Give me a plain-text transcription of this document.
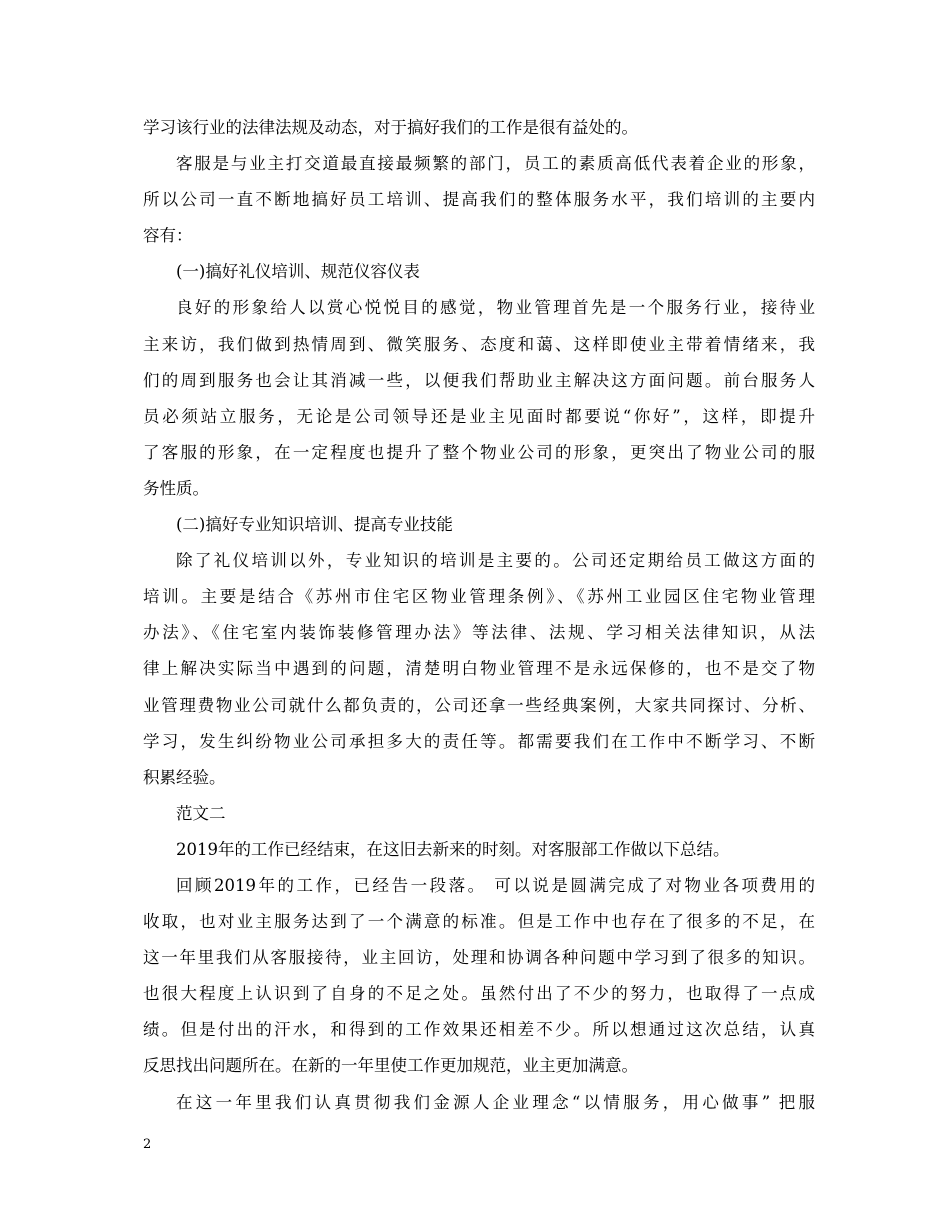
学习该行业的法律法规及动态，对于搞好我们的工作是很有益处的。
客服是与业主打交道最直接最频繁的部门，员工的素质高低代表着企业的形象，
所以公司一直不断地搞好员工培训、提高我们的整体服务水平，我们培训的主要内
容有：
(一)搞好礼仪培训、规范仪容仪表
良好的形象给人以赏心悦悦目的感觉，物业管理首先是一个服务行业，接待业
主来访，我们做到热情周到、微笑服务、态度和蔼、这样即使业主带着情绪来，我
们的周到服务也会让其消减一些，以便我们帮助业主解决这方面问题。前台服务人
员必须站立服务，无论是公司领导还是业主见面时都要说“你好”，这样，即提升
了客服的形象，在一定程度也提升了整个物业公司的形象，更突出了物业公司的服
务性质。
(二)搞好专业知识培训、提高专业技能
除了礼仪培训以外，专业知识的培训是主要的。公司还定期给员工做这方面的
培训。主要是结合《苏州市住宅区物业管理条例》、《苏州工业园区住宅物业管理
办法》、《住宅室内装饰装修管理办法》等法律、法规、学习相关法律知识，从法
律上解决实际当中遇到的问题，清楚明白物业管理不是永远保修的，也不是交了物
业管理费物业公司就什么都负责的，公司还拿一些经典案例，大家共同探讨、分析、
学习，发生纠纷物业公司承担多大的责任等。都需要我们在工作中不断学习、不断
积累经验。
范文二
2019年的工作已经结束，在这旧去新来的时刻。对客服部工作做以下总结。
回顾2019年的工作，已经告一段落。 可以说是圆满完成了对物业各项费用的
收取，也对业主服务达到了一个满意的标准。但是工作中也存在了很多的不足，在
这一年里我们从客服接待，业主回访，处理和协调各种问题中学习到了很多的知识。
也很大程度上认识到了自身的不足之处。虽然付出了不少的努力，也取得了一点成
绩。但是付出的汗水，和得到的工作效果还相差不少。所以想通过这次总结，认真
反思找出问题所在。在新的一年里使工作更加规范，业主更加满意。
在这一年里我们认真贯彻我们金源人企业理念“以情服务，用心做事” 把服
2
